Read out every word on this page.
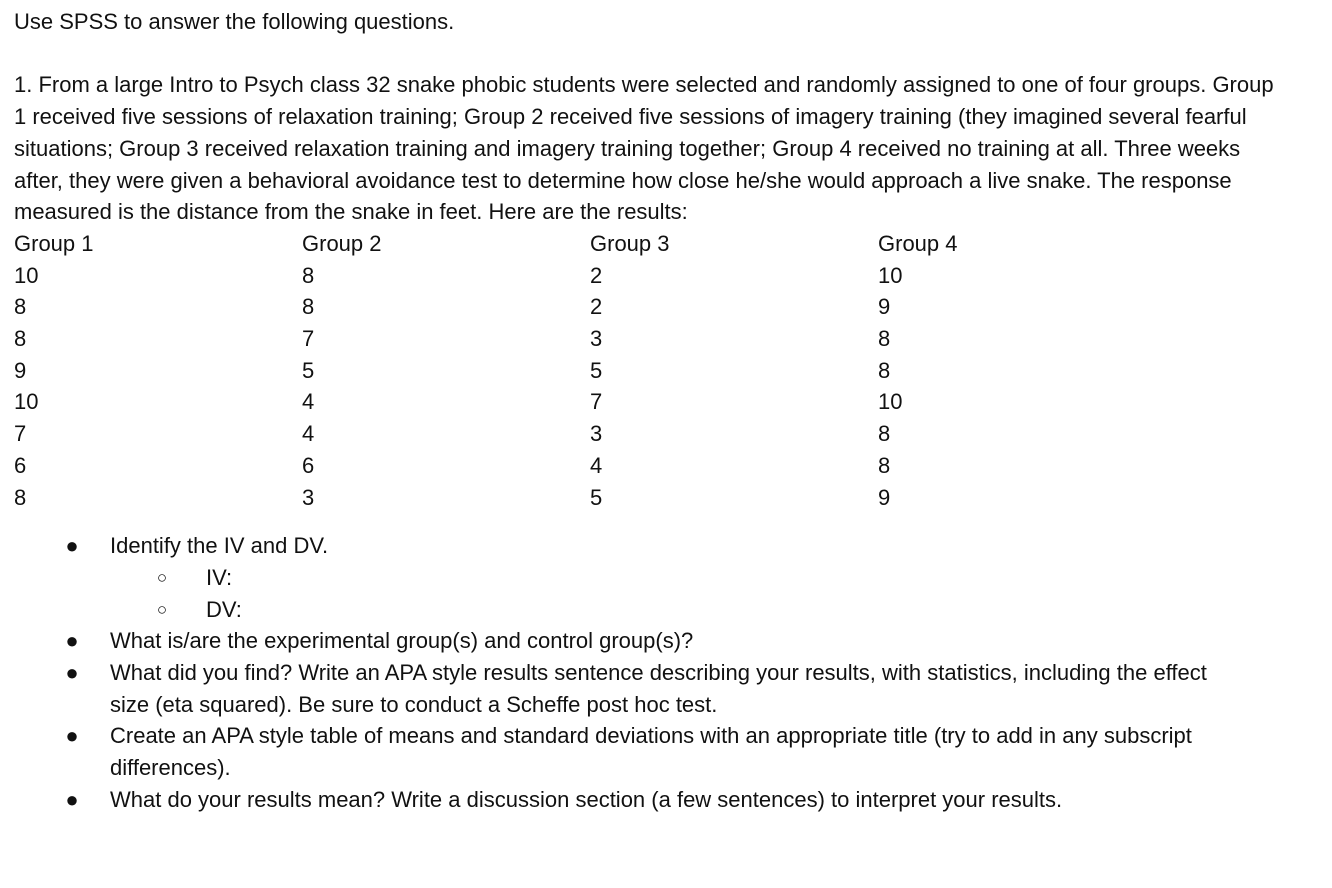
Use SPSS to answer the following questions.

1. From a large Intro to Psych class 32 snake phobic students were selected and randomly assigned to one of four groups. Group 1 received five sessions of relaxation training; Group 2 received five sessions of imagery training (they imagined several fearful situations; Group 3 received relaxation training and imagery training together; Group 4 received no training at all. Three weeks after, they were given a behavioral avoidance test to determine how close he/she would approach a live snake. The response measured is the distance from the snake in feet. Here are the results:

Group 1	Group 2	Group 3	Group 4
10	8	2	10
8	8	2	9
8	7	3	8
9	5	5	8
10	4	7	10
7	4	3	8
6	6	4	8
8	3	5	9
● Identify the IV and DV.
○ IV:
○ DV:
● What is/are the experimental group(s) and control group(s)?
● What did you find? Write an APA style results sentence describing your results, with statistics, including the effect size (eta squared). Be sure to conduct a Scheffe post hoc test.
● Create an APA style table of means and standard deviations with an appropriate title (try to add in any subscript differences).
● What do your results mean? Write a discussion section (a few sentences) to interpret your results.
